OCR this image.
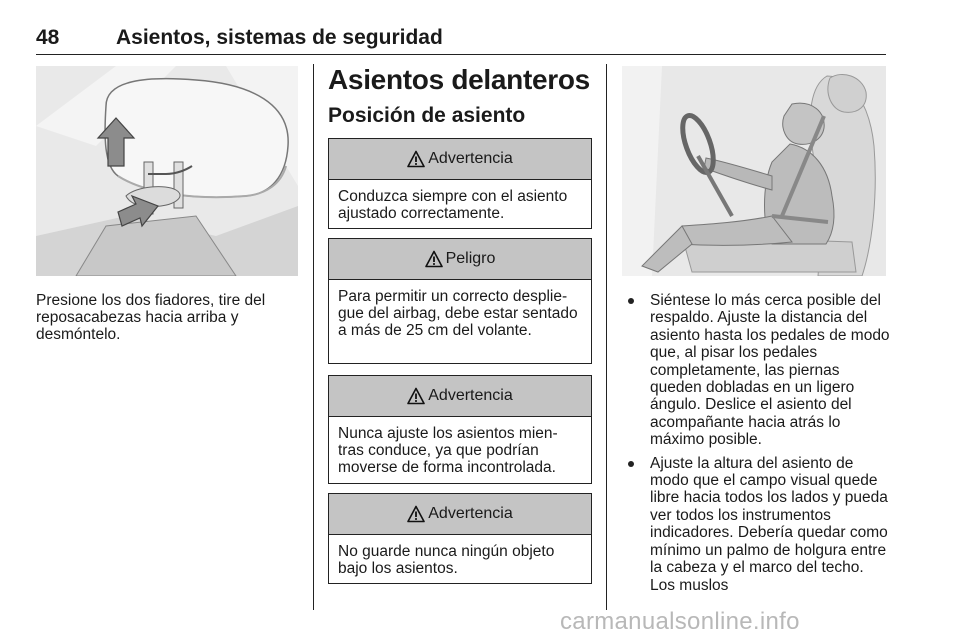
48	Asientos, sistemas de seguridad

Presione los dos fiadores, tire del reposacabezas hacia arriba y desmóntelo.

Asientos delanteros
Posición de asiento
Advertencia

Conduzca siempre con el asiento ajustado correctamente.

Peligro

Para permitir un correcto desplie-gue del airbag, debe estar sentado a más de 25 cm del volante.

Advertencia

Nunca ajuste los asientos mien-tras conduce, ya que podrían moverse de forma incontrolada.

Advertencia

No guarde nunca ningún objeto bajo los asientos.

Siéntese lo más cerca posible del respaldo. Ajuste la distancia del asiento hasta los pedales de modo que, al pisar los pedales completamente, las piernas queden dobladas en un ligero ángulo. Deslice el asiento del acompañante hacia atrás lo máximo posible.
Ajuste la altura del asiento de modo que el campo visual quede libre hacia todos los lados y pueda ver todos los instrumentos indicadores. Debería quedar como mínimo un palmo de holgura entre la cabeza y el marco del techo. Los muslos
carmanualsonline.info
